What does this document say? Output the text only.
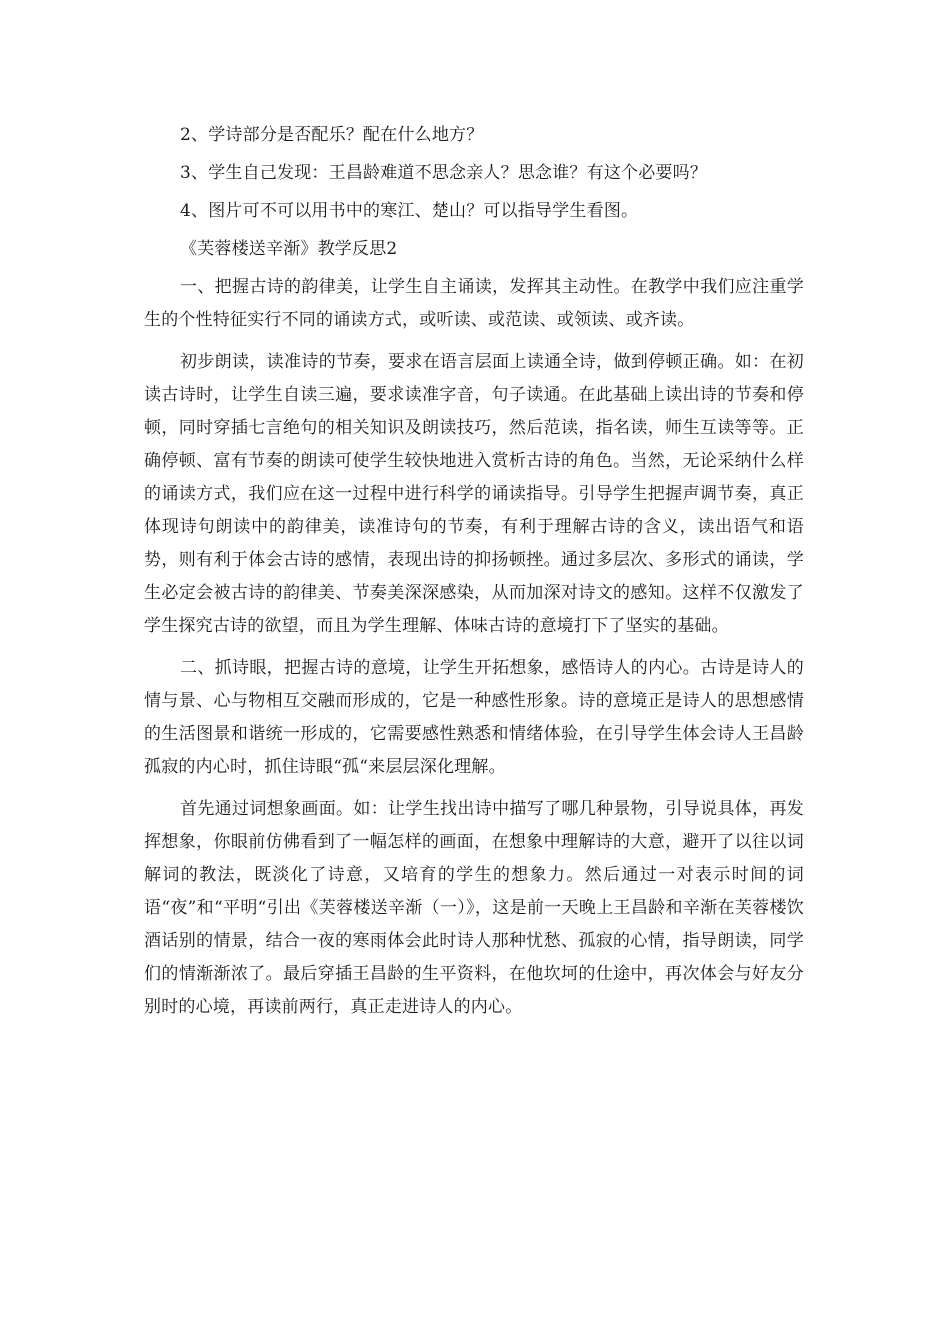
2、学诗部分是否配乐？配在什么地方？

3、学生自己发现：王昌龄难道不思念亲人？思念谁？有这个必要吗？

4、图片可不可以用书中的寒江、楚山？可以指导学生看图。

《芙蓉楼送辛渐》教学反思2

一、把握古诗的韵律美，让学生自主诵读，发挥其主动性。在教学中我们应注重学生的个性特征实行不同的诵读方式，或听读、或范读、或领读、或齐读。

初步朗读，读准诗的节奏，要求在语言层面上读通全诗，做到停顿正确。如：在初读古诗时，让学生自读三遍，要求读准字音，句子读通。在此基础上读出诗的节奏和停顿，同时穿插七言绝句的相关知识及朗读技巧，然后范读，指名读，师生互读等等。正确停顿、富有节奏的朗读可使学生较快地进入赏析古诗的角色。当然，无论采纳什么样的诵读方式，我们应在这一过程中进行科学的诵读指导。引导学生把握声调节奏，真正体现诗句朗读中的韵律美，读准诗句的节奏，有利于理解古诗的含义，读出语气和语势，则有利于体会古诗的感情，表现出诗的抑扬顿挫。通过多层次、多形式的诵读，学生必定会被古诗的韵律美、节奏美深深感染，从而加深对诗文的感知。这样不仅激发了学生探究古诗的欲望，而且为学生理解、体味古诗的意境打下了坚实的基础。

二、抓诗眼，把握古诗的意境，让学生开拓想象，感悟诗人的内心。古诗是诗人的情与景、心与物相互交融而形成的，它是一种感性形象。诗的意境正是诗人的思想感情的生活图景和谐统一形成的，它需要感性熟悉和情绪体验，在引导学生体会诗人王昌龄孤寂的内心时，抓住诗眼“孤“来层层深化理解。

首先通过词想象画面。如：让学生找出诗中描写了哪几种景物，引导说具体，再发挥想象，你眼前仿佛看到了一幅怎样的画面，在想象中理解诗的大意，避开了以往以词解词的教法，既淡化了诗意，又培育的学生的想象力。然后通过一对表示时间的词语“夜”和“平明“引出《芙蓉楼送辛渐（一）》，这是前一天晚上王昌龄和辛渐在芙蓉楼饮酒话别的情景，结合一夜的寒雨体会此时诗人那种忧愁、孤寂的心情，指导朗读，同学们的情渐渐浓了。最后穿插王昌龄的生平资料，在他坎坷的仕途中，再次体会与好友分别时的心境，再读前两行，真正走进诗人的内心。
